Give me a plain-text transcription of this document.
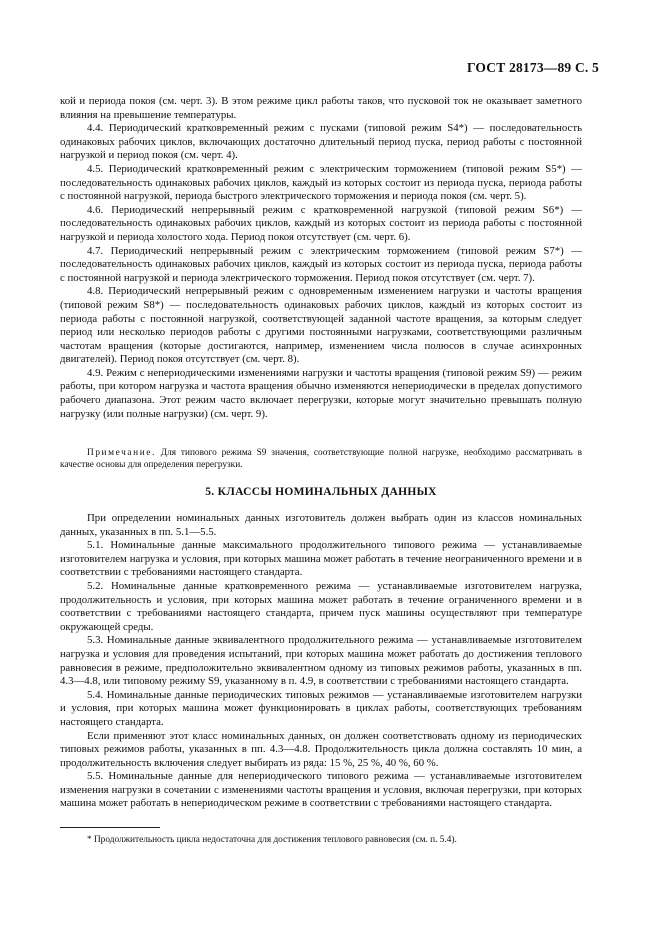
ГОСТ 28173—89 С. 5

кой и периода покоя (см. черт. 3). В этом режиме цикл работы таков, что пусковой ток не оказывает заметного влияния на превышение температуры.

4.4. Периодический кратковременный режим с пусками (типовой режим S4*) — последовательность одинаковых рабочих циклов, включающих достаточно длительный период пуска, период работы с постоянной нагрузкой и период покоя (см. черт. 4).

4.5. Периодический кратковременный режим с электрическим торможением (типовой режим S5*) — последовательность одинаковых рабочих циклов, каждый из которых состоит из периода пуска, периода работы с постоянной нагрузкой, периода быстрого электрического торможения и периода покоя (см. черт. 5).

4.6. Периодический непрерывный режим с кратковременной нагрузкой (типовой режим S6*) — последовательность одинаковых рабочих циклов, каждый из которых состоит из периода работы с постоянной нагрузкой и периода холостого хода. Период покоя отсутствует (см. черт. 6).

4.7. Периодический непрерывный режим с электрическим торможением (типовой режим S7*) — последовательность одинаковых рабочих циклов, каждый из которых состоит из периода пуска, периода работы с постоянной нагрузкой и периода электрического торможения. Период покоя отсутствует (см. черт. 7).

4.8. Периодический непрерывный режим с одновременным изменением нагрузки и частоты вращения (типовой режим S8*) — последовательность одинаковых рабочих циклов, каждый из которых состоит из периода работы с постоянной нагрузкой, соответствующей заданной частоте вращения, за которым следует период или несколько периодов работы с другими постоянными нагрузками, соответствующими различным частотам вращения (которые достигаются, например, изменением числа полюсов в случае асинхронных двигателей). Период покоя отсутствует (см. черт. 8).

4.9. Режим с непериодическими изменениями нагрузки и частоты вращения (типовой режим S9) — режим работы, при котором нагрузка и частота вращения обычно изменяются непериодически в пределах допустимого рабочего диапазона. Этот режим часто включает перегрузки, которые могут значительно превышать полную нагрузку (или полные нагрузки) (см. черт. 9).

Примечание. Для типового режима S9 значения, соответствующие полной нагрузке, необходимо рассматривать в качестве основы для определения перегрузки.
5. КЛАССЫ НОМИНАЛЬНЫХ ДАННЫХ

При определении номинальных данных изготовитель должен выбрать один из классов номинальных данных, указанных в пп. 5.1—5.5.

5.1. Номинальные данные максимального продолжительного типового режима — устанавливаемые изготовителем нагрузка и условия, при которых машина может работать в течение неограниченного времени и в соответствии с требованиями настоящего стандарта.

5.2. Номинальные данные кратковременного режима — устанавливаемые изготовителем нагрузка, продолжительность и условия, при которых машина может работать в течение ограниченного времени и в соответствии с требованиями настоящего стандарта, причем пуск машины осуществляют при температуре окружающей среды.

5.3. Номинальные данные эквивалентного продолжительного режима — устанавливаемые изготовителем нагрузка и условия для проведения испытаний, при которых машина может работать до достижения теплового равновесия в режиме, предположительно эквивалентном одному из типовых режимов работы, указанных в пп. 4.3—4.8, или типовому режиму S9, указанному в п. 4.9, в соответствии с требованиями настоящего стандарта.

5.4. Номинальные данные периодических типовых режимов — устанавливаемые изготовителем нагрузки и условия, при которых машина может функционировать в циклах работы, соответствующих требованиям настоящего стандарта.

Если применяют этот класс номинальных данных, он должен соответствовать одному из периодических типовых режимов работы, указанных в пп. 4.3—4.8. Продолжительность цикла должна составлять 10 мин, а продолжительность включения следует выбирать из ряда: 15 %, 25 %, 40 %, 60 %.

5.5. Номинальные данные для непериодического типового режима — устанавливаемые изготовителем изменения нагрузки в сочетании с изменениями частоты вращения и условия, включая перегрузки, при которых машина может работать в непериодическом режиме в соответствии с требованиями настоящего стандарта.

* Продолжительность цикла недостаточна для достижения теплового равновесия (см. п. 5.4).
